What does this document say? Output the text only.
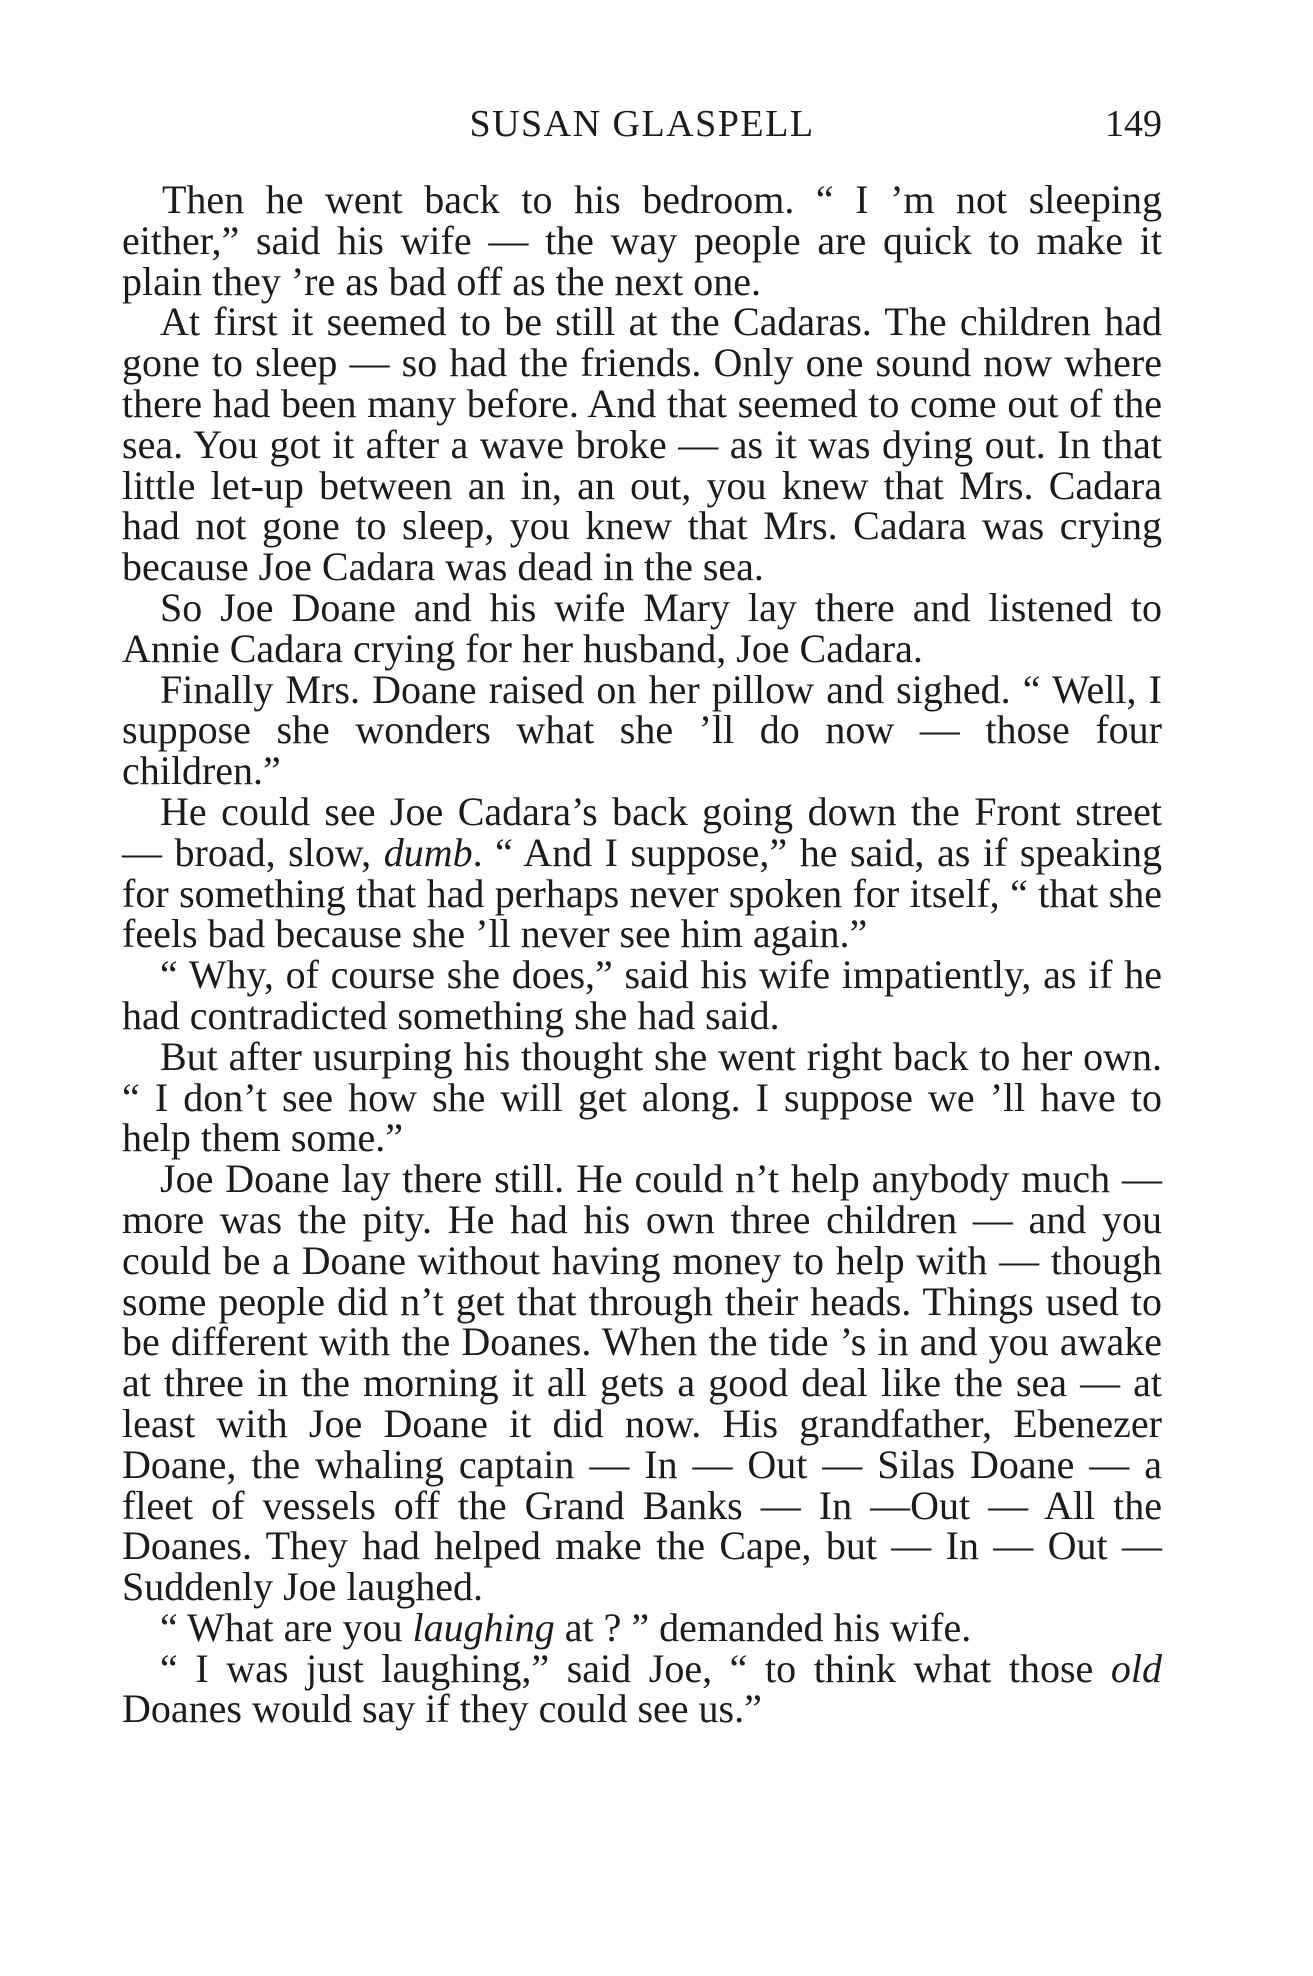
SUSAN GLASPELL	149

Then he went back to his bedroom. “ I ’m not sleeping either,” said his wife — the way people are quick to make it plain they ’re as bad off as the next one.

At first it seemed to be still at the Cadaras. The children had gone to sleep — so had the friends. Only one sound now where there had been many before. And that seemed to come out of the sea. You got it after a wave broke — as it was dying out. In that little let-up between an in, an out, you knew that Mrs. Cadara had not gone to sleep, you knew that Mrs. Cadara was crying because Joe Cadara was dead in the sea.

So Joe Doane and his wife Mary lay there and listened to Annie Cadara crying for her husband, Joe Cadara.

Finally Mrs. Doane raised on her pillow and sighed. “ Well, I suppose she wonders what she ’ll do now — those four children.”

He could see Joe Cadara’s back going down the Front street — broad, slow, dumb. “ And I suppose,” he said, as if speaking for something that had perhaps never spoken for itself, “ that she feels bad because she ’ll never see him again.”

“ Why, of course she does,” said his wife impatiently, as if he had contradicted something she had said.

But after usurping his thought she went right back to her own. “ I don’t see how she will get along. I suppose we ’ll have to help them some.”

Joe Doane lay there still. He could n’t help anybody much — more was the pity. He had his own three children — and you could be a Doane without having money to help with — though some people did n’t get that through their heads. Things used to be different with the Doanes. When the tide ’s in and you awake at three in the morning it all gets a good deal like the sea — at least with Joe Doane it did now. His grandfather, Ebenezer Doane, the whaling captain — In — Out — Silas Doane — a fleet of vessels off the Grand Banks — In —Out — All the Doanes. They had helped make the Cape, but — In — Out — Suddenly Joe laughed.

“ What are you laughing at ? ” demanded his wife.

“ I was just laughing,” said Joe, “ to think what those old Doanes would say if they could see us.”
